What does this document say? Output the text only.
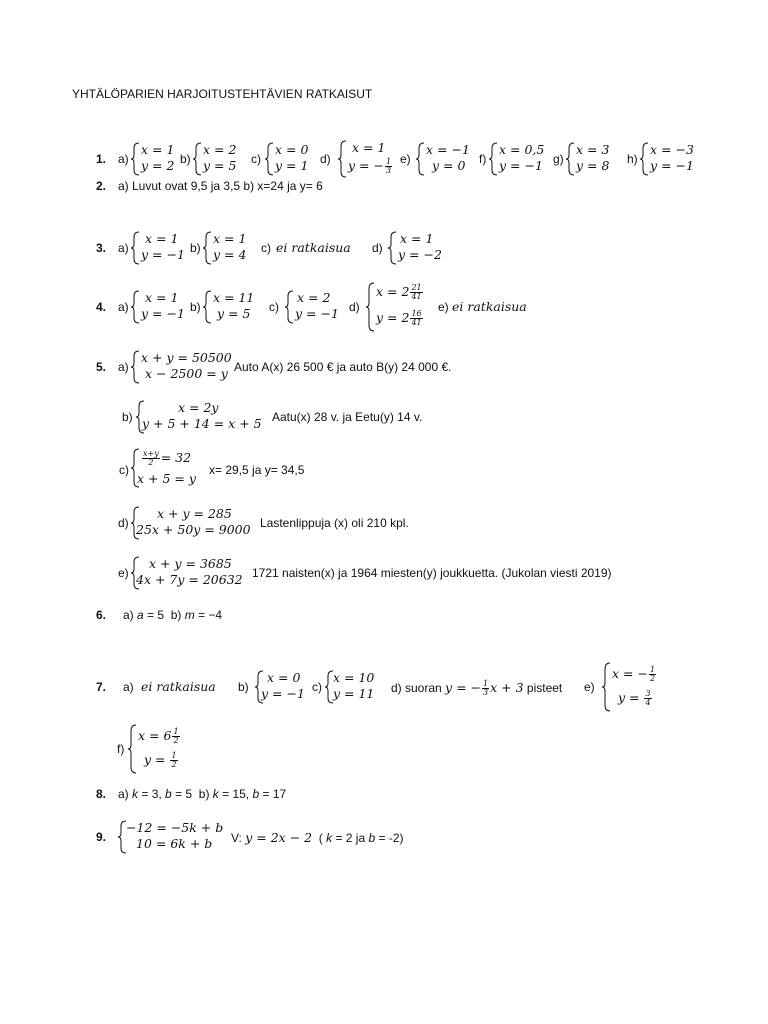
YHTÄLÖPARIEN HARJOITUSTEHTÄVIEN RATKAISUT
1. a)
x = 1
y = 2 b)
x = 2
y = 5 c)
x = 0
y = 1 d)
x = 1
y = − $\frac{1}{3} e$)
x = −1
y = 0 f)
x = 0,5
y = −1 g)
x = 3
y = 8 h)
x = −3
y = −1
2. a) Luvut ovat 9,5 ja 3,5 b) x=24 ja y= 6
3. a)
x = 1
y = −1 b)
x = 1
y = 4 c) ei ratkaisua d)
x = 1
y = −2
4. a)
x = 1
y = −1 b)
x = 11
y = 5 c)
x = 2
y = −1 d)
$x = 2 \frac{21}{41}$
$y = 2 \frac{16}{41}$
e) ei ratkaisua
5. a)
x + y = 50500
x − 2500 = y Auto A(x) 26 500 € ja auto B(y) 24 000 €.
b)
x = 2y
y + 5 + 14 = x + 5 Aatu(x) 28 v. ja Eetu(y) 14 v.
c)
$\frac{x+y}{2} = 32$
x + 5 = y
x= 29,5 ja y= 34,5
d)
x + y = 285
25x + 50y = 9000 Lastenlippuja (x) oli 210 kpl.
e)
x + y = 3685
4x + 7y = 20632 1721 naisten(x) ja 1964 miesten(y) joukkuetta. (Jukolan viesti 2019)
6. a) a = 5 b) m = −4
7. a) ei ratkaisua b)
x = 0
y = −1 c)
x = 10
y = 11 d) suoran y = − $\frac{1}{3}$ x + 3 pisteet e)
x = − $\frac{1}{2}$
$y = \frac{3}{4}$
f)
$x = 6 \frac{1}{2}$
$y = \frac{1}{2}$
8. a) k = 3, b = 5 b) k = 15, b = 17
9.
−12 = −5k + b
10 = 6k + b V: y = 2x − 2 ( k = 2 ja b = -2)
